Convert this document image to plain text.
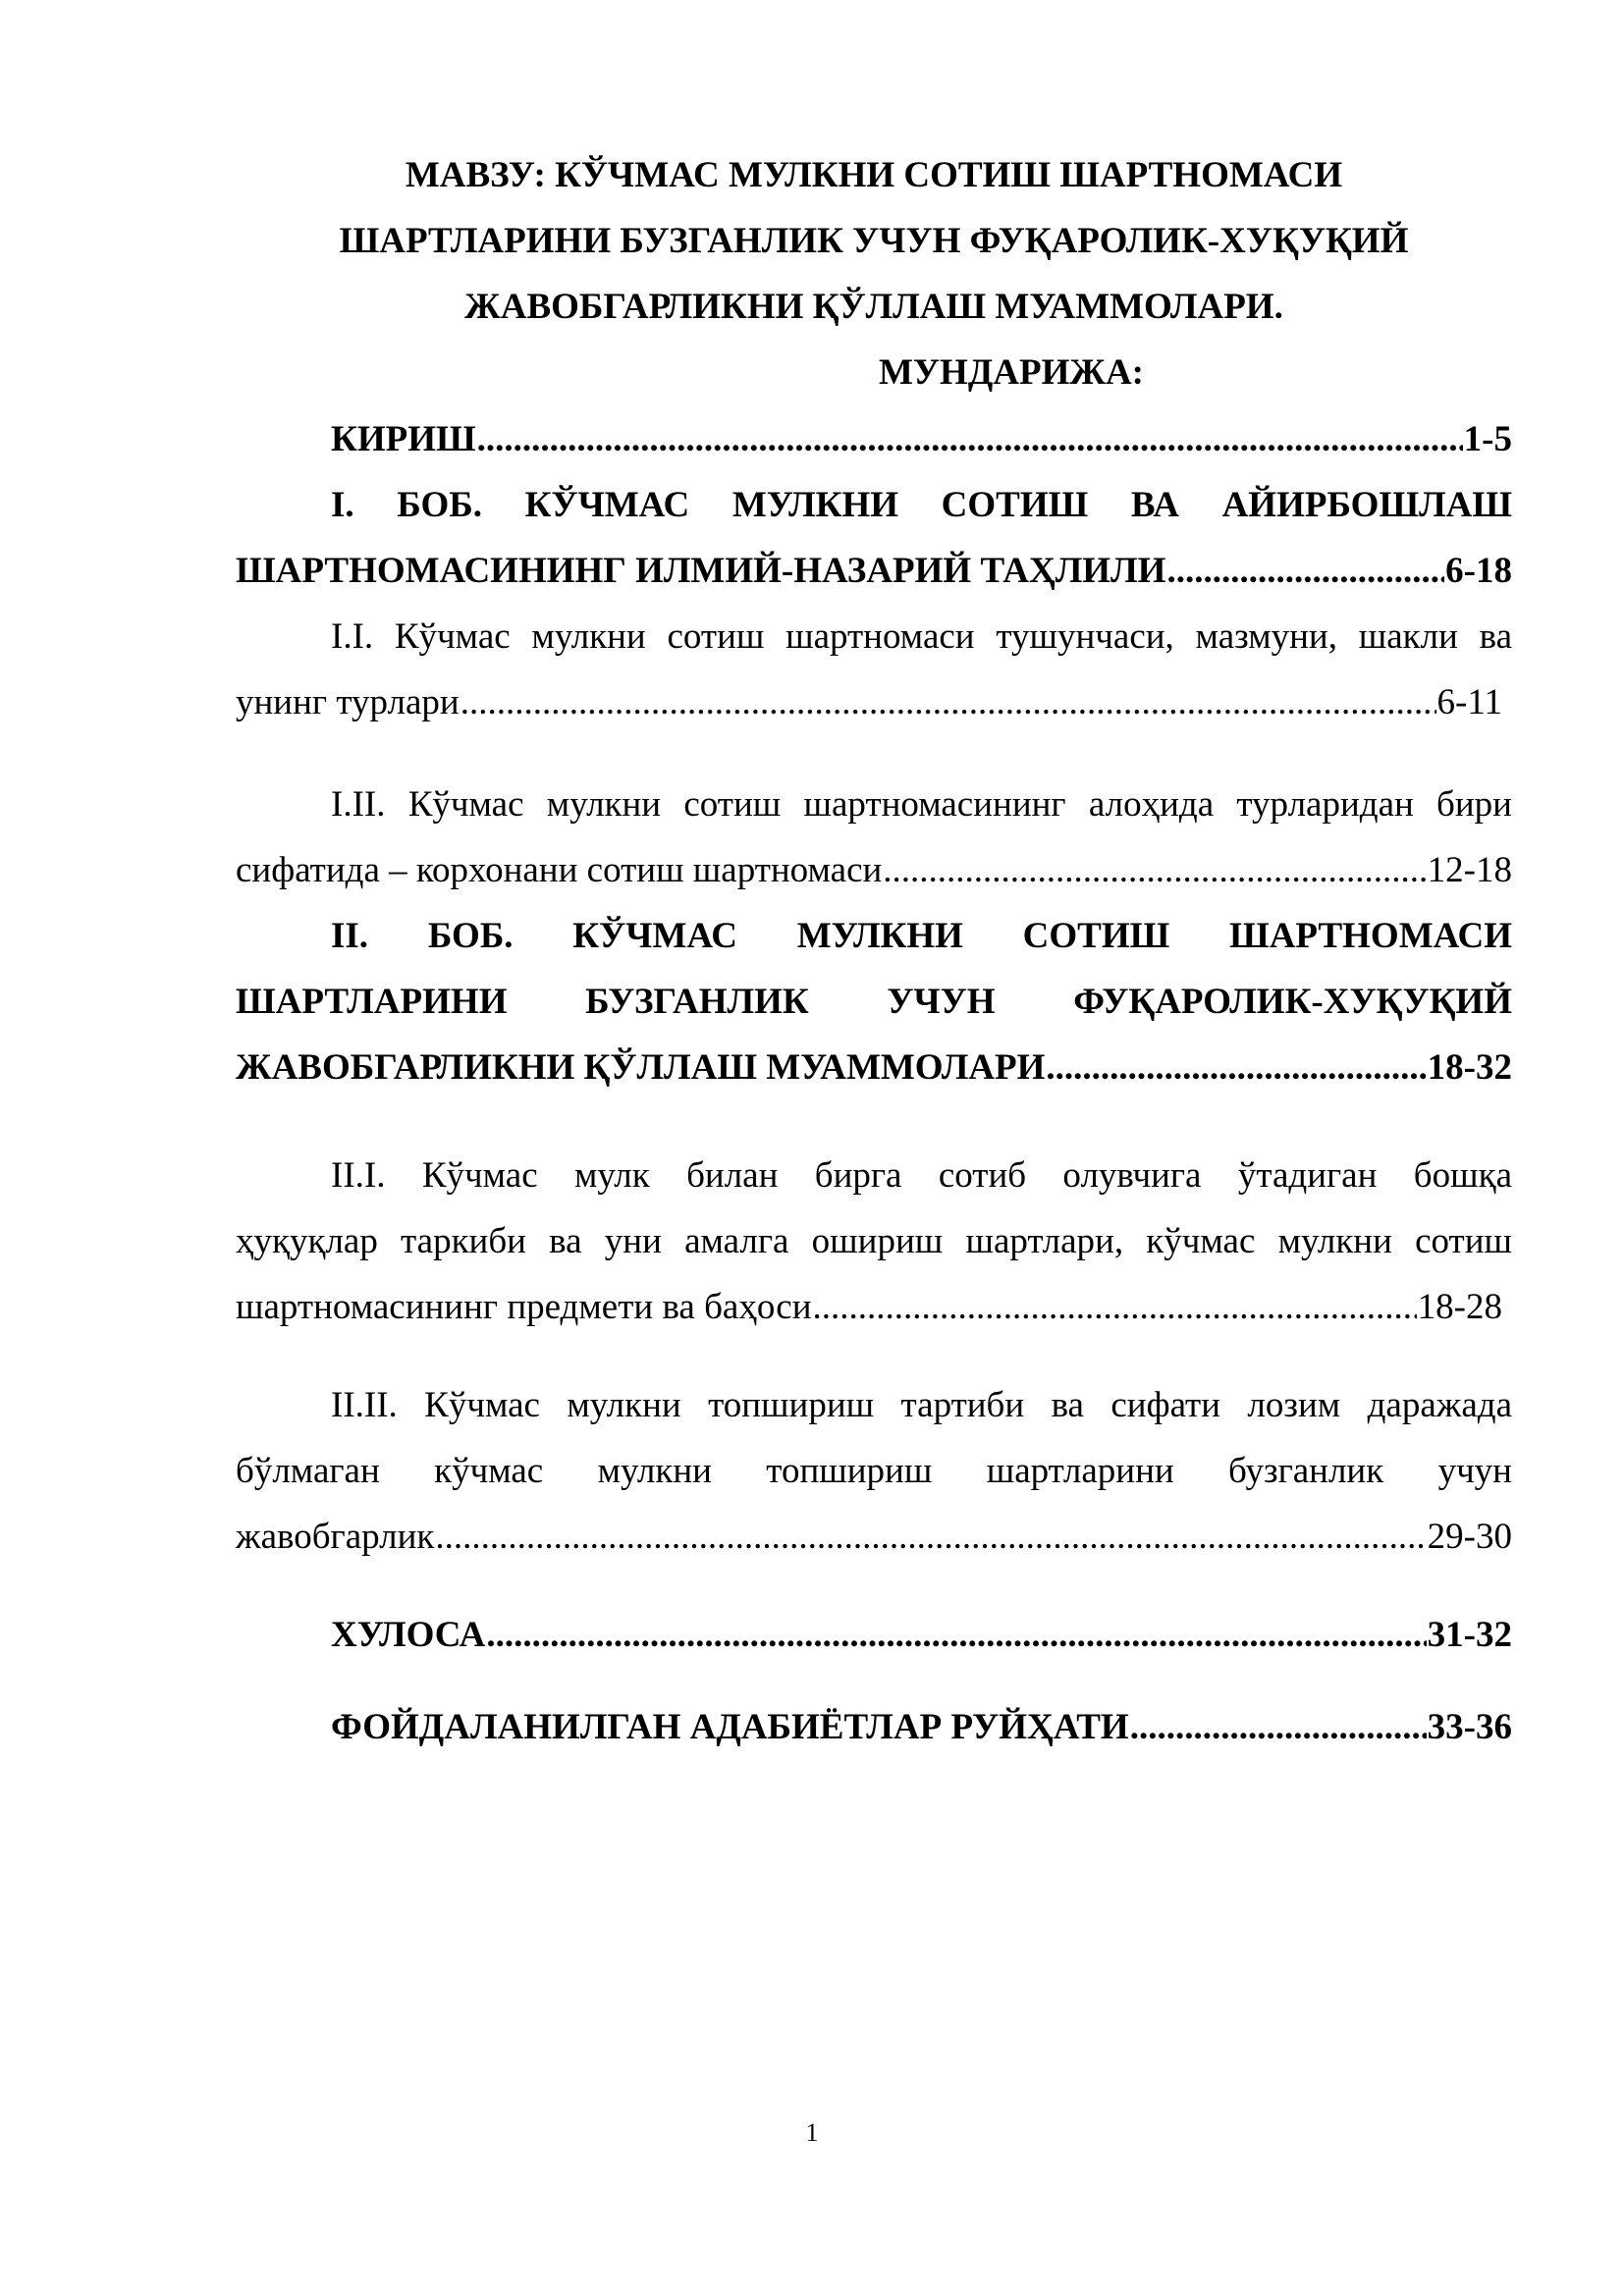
МАВЗУ: КЎЧМАС МУЛКНИ СОТИШ ШАРТНОМАСИ

ШАРТЛАРИНИ БУЗГАНЛИК УЧУН ФУҚАРОЛИК-ХУҚУҚИЙ

ЖАВОБГАРЛИКНИ ҚЎЛЛАШ МУАММОЛАРИ.

МУНДАРИЖА:

КИРИШ .....	1-5
I. БОБ. КЎЧМАС МУЛКНИ СОТИШ ВА АЙИРБОШЛАШ
ШАРТНОМАСИНИНГ ИЛМИЙ-НАЗАРИЙ ТАҲЛИЛИ .....	6-18
I.I. Кўчмас мулкни сотиш шартномаси тушунчаси, мазмуни, шакли ва
унинг турлари .....	6-11
I.II. Кўчмас мулкни сотиш шартномасининг алоҳида турларидан бири
сифатида – корхонани сотиш шартномаси .....	12-18
II. БОБ. КЎЧМАС МУЛКНИ СОТИШ ШАРТНОМАСИ
ШАРТЛАРИНИ БУЗГАНЛИК УЧУН ФУҚАРОЛИК-ХУҚУҚИЙ
ЖАВОБГАРЛИКНИ ҚЎЛЛАШ МУАММОЛАРИ .....	18-32
II.I. Кўчмас мулк билан бирга сотиб олувчига ўтадиган бошқа
ҳуқуқлар таркиби ва уни амалга ошириш шартлари, кўчмас мулкни сотиш
шартномасининг предмети ва баҳоси .....	18-28
II.II. Кўчмас мулкни топшириш тартиби ва сифати лозим даражада
бўлмаган кўчмас мулкни топшириш шартларини бузганлик учун
жавобгарлик .....	29-30
ХУЛОСА .....	31-32
ФОЙДАЛАНИЛГАН АДАБИЁТЛАР РУЙҲАТИ .....	33-36
1
